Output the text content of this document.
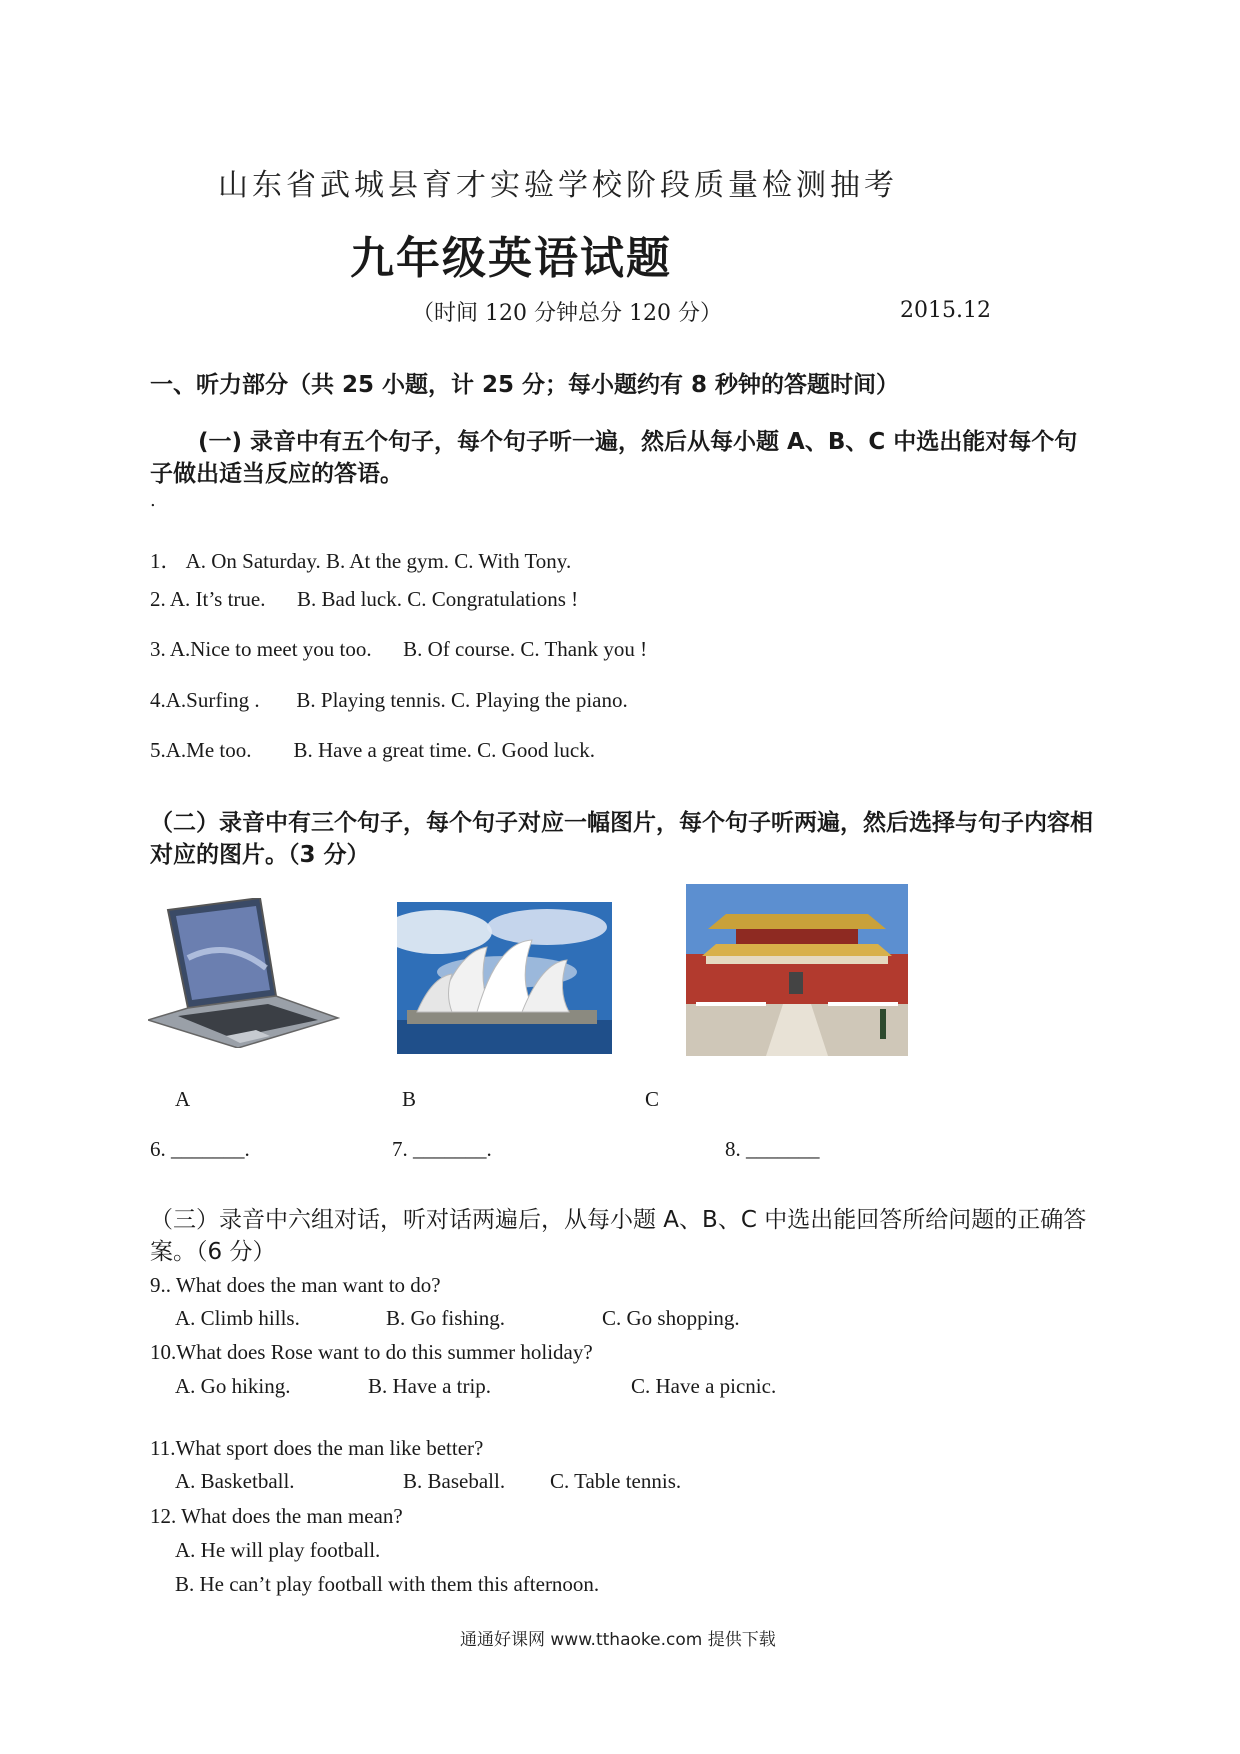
山东省武城县育才实验学校阶段质量检测抽考
九年级英语试题
（时间 120 分钟总分 120 分）	2015.12
一、听力部分（共 25 小题，计 25 分；每小题约有 8 秒钟的答题时间）
(一) 录音中有五个句子，每个句子听一遍，然后从每小题 A、B、C 中选出能对每个句子做出适当反应的答语。
.
1． A. On Saturday. B. At the gym. C. With Tony.
2. A. It’s true.      B. Bad luck. C. Congratulations !
3. A.Nice to meet you too.      B. Of course. C. Thank you !
4.A.Surfing .       B. Playing tennis. C. Playing the piano.
5.A.Me too.        B. Have a great time. C. Good luck.
（二）录音中有三个句子，每个句子对应一幅图片，每个句子听两遍，然后选择与句子内容相对应的图片。（3 分）
A	B	C
6. _______.	7. _______.	8. _______
（三）录音中六组对话，听对话两遍后，从每小题 A、B、C 中选出能回答所给问题的正确答案。（6 分）
9.. What does the man want to do?
A. Climb hills.	B. Go fishing.	C. Go shopping.
10.What does Rose want to do this summer holiday?
A. Go hiking.	B. Have a trip.	C. Have a picnic.
11.What sport does the man like better?
A. Basketball.	B. Baseball. C. Table tennis.
12. What does the man mean?
A. He will play football.
B. He can’t play football with them this afternoon.
通通好课网 www.tthaoke.com 提供下载
